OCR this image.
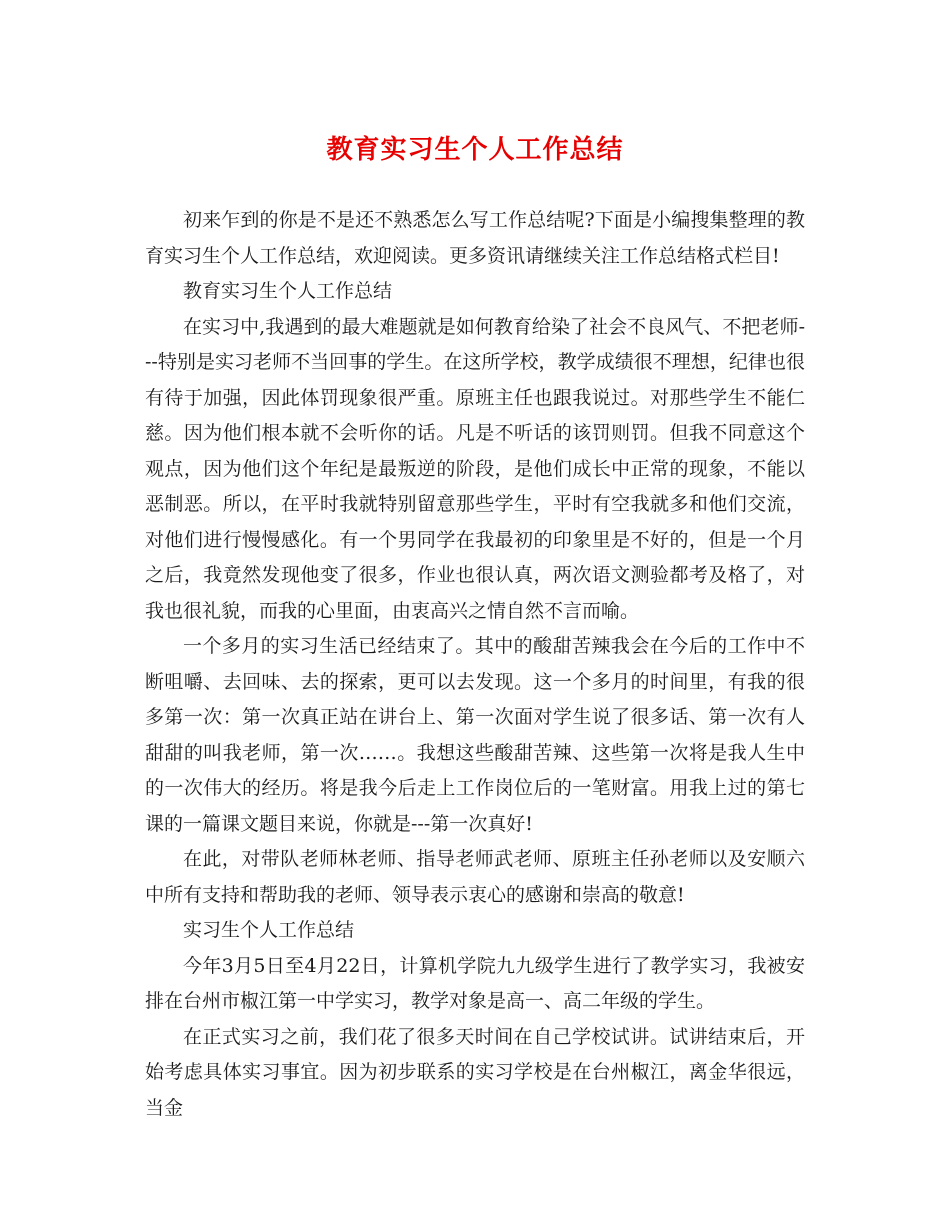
教育实习生个人工作总结

初来乍到的你是不是还不熟悉怎么写工作总结呢?下面是小编搜集整理的教育实习生个人工作总结，欢迎阅读。更多资讯请继续关注工作总结格式栏目!

教育实习生个人工作总结

在实习中,我遇到的最大难题就是如何教育给染了社会不良风气、不把老师---特别是实习老师不当回事的学生。在这所学校，教学成绩很不理想，纪律也很有待于加强，因此体罚现象很严重。原班主任也跟我说过。对那些学生不能仁慈。因为他们根本就不会听你的话。凡是不听话的该罚则罚。但我不同意这个观点，因为他们这个年纪是最叛逆的阶段，是他们成长中正常的现象，不能以恶制恶。所以，在平时我就特别留意那些学生，平时有空我就多和他们交流，对他们进行慢慢感化。有一个男同学在我最初的印象里是不好的，但是一个月之后，我竟然发现他变了很多，作业也很认真，两次语文测验都考及格了，对我也很礼貌，而我的心里面，由衷高兴之情自然不言而喻。

一个多月的实习生活已经结束了。其中的酸甜苦辣我会在今后的工作中不断咀嚼、去回味、去的探索，更可以去发现。这一个多月的时间里，有我的很多第一次：第一次真正站在讲台上、第一次面对学生说了很多话、第一次有人甜甜的叫我老师，第一次……。我想这些酸甜苦辣、这些第一次将是我人生中的一次伟大的经历。将是我今后走上工作岗位后的一笔财富。用我上过的第七课的一篇课文题目来说，你就是---第一次真好!

在此，对带队老师林老师、指导老师武老师、原班主任孙老师以及安顺六中所有支持和帮助我的老师、领导表示衷心的感谢和崇高的敬意!

实习生个人工作总结

今年3月5日至4月22日，计算机学院九九级学生进行了教学实习，我被安排在台州市椒江第一中学实习，教学对象是高一、高二年级的学生。

在正式实习之前，我们花了很多天时间在自己学校试讲。试讲结束后，开始考虑具体实习事宜。因为初步联系的实习学校是在台州椒江，离金华很远，当金
